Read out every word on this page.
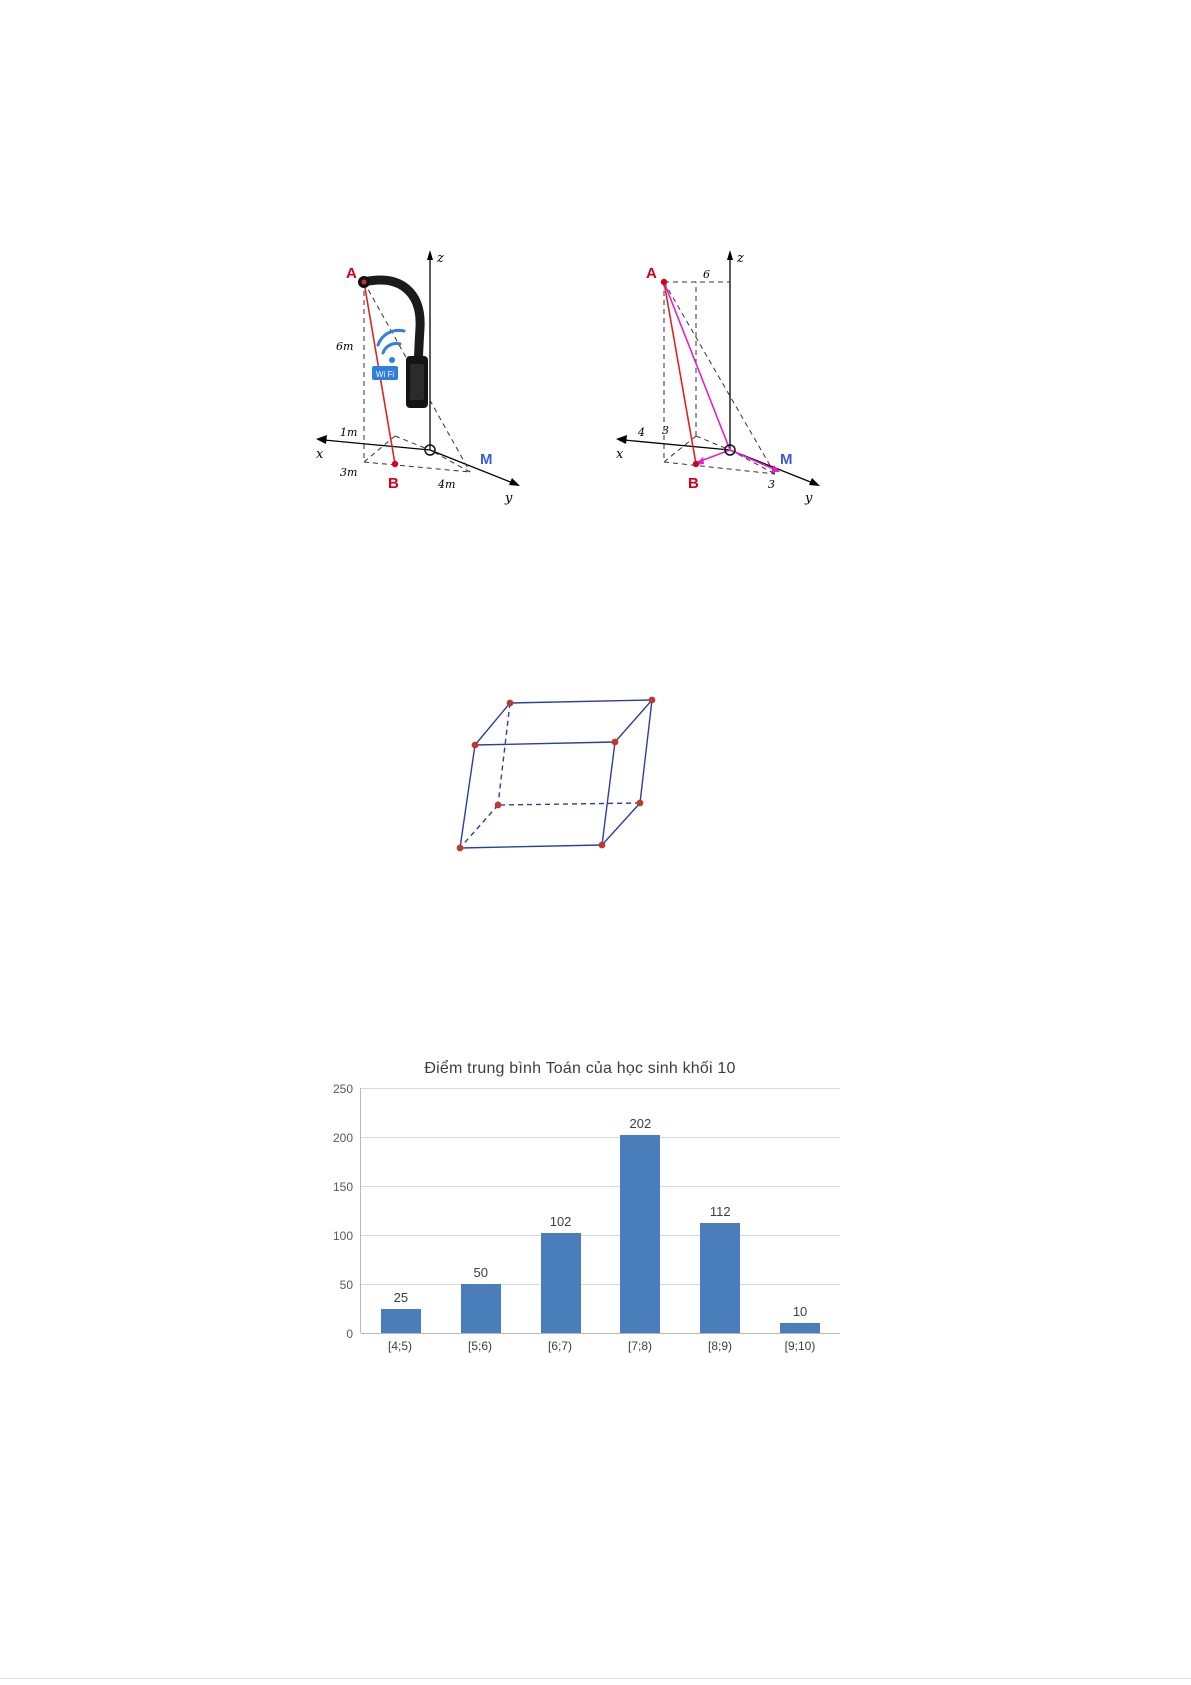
Wi Fi
z
y
x
A
B
M
6m
1m
3m
4m
z
y
x
A
B
M
6
4 3
3
Điểm trung bình Toán của học sinh khối 10
250
200
150
100
50
0
25
50
102
202
112
10
[4;5)	[5;6)	[6;7)	[7;8)	[8;9)	[9;10)
